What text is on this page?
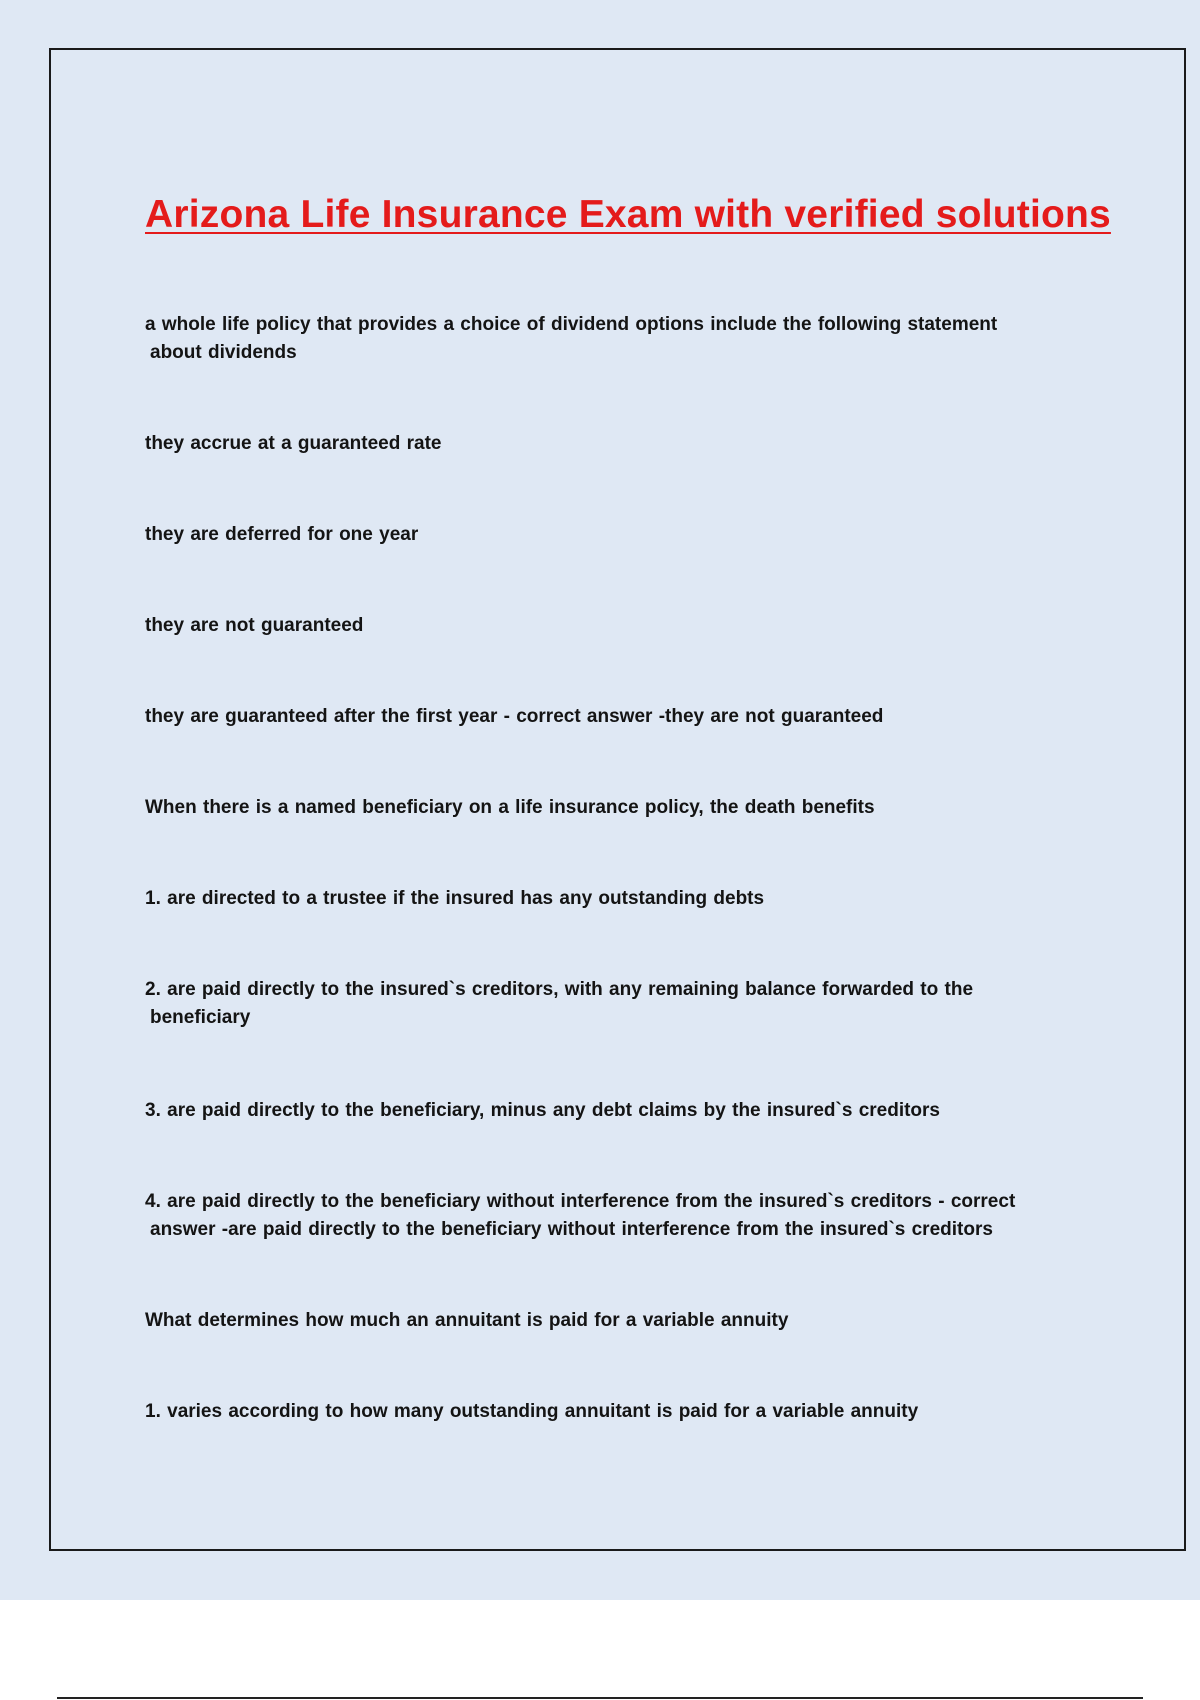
Arizona Life Insurance Exam with verified solutions

a whole life policy that provides a choice of dividend options include the following statement
about dividends

they accrue at a guaranteed rate

they are deferred for one year

they are not guaranteed

they are guaranteed after the first year - correct answer -they are not guaranteed

When there is a named beneficiary on a life insurance policy, the death benefits

1. are directed to a trustee if the insured has any outstanding debts

2. are paid directly to the insured`s creditors, with any remaining balance forwarded to the
beneficiary

3. are paid directly to the beneficiary, minus any debt claims by the insured`s creditors

4. are paid directly to the beneficiary without interference from the insured`s creditors - correct
answer -are paid directly to the beneficiary without interference from the insured`s creditors

What determines how much an annuitant is paid for a variable annuity

1. varies according to how many outstanding annuitant is paid for a variable annuity
